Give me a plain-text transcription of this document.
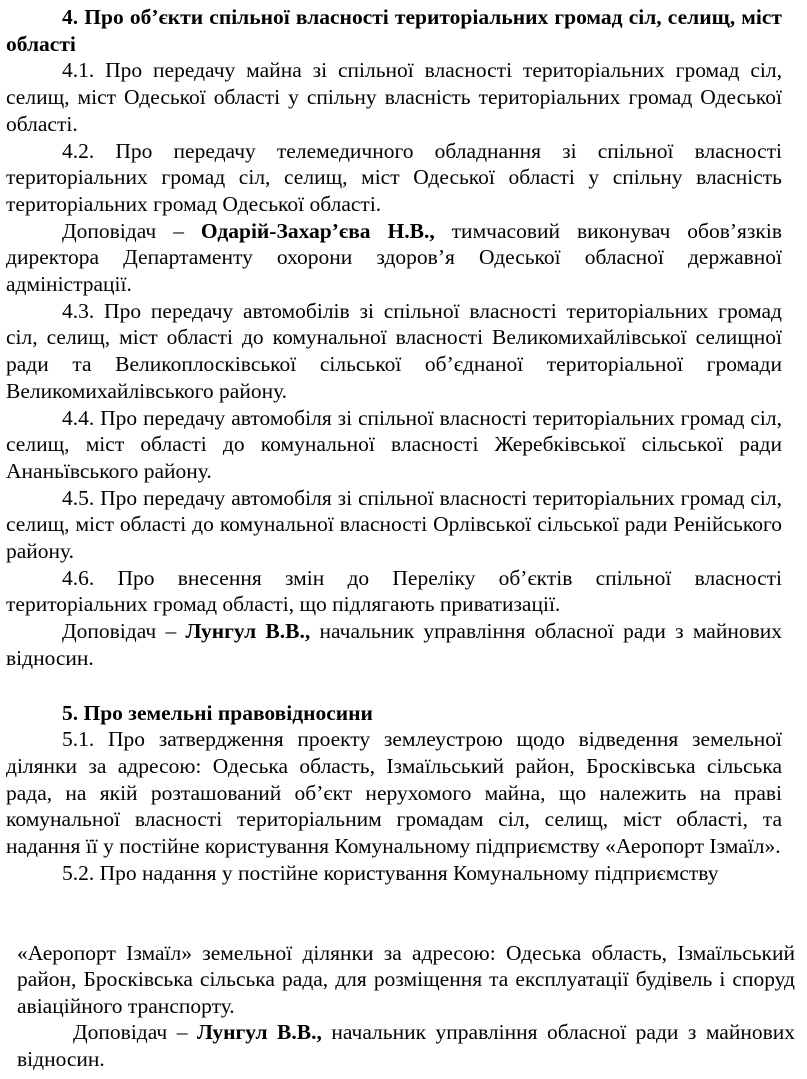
4. Про об’єкти спільної власності територіальних громад сіл, селищ, міст області

4.1. Про передачу майна зі спільної власності територіальних громад сіл, селищ, міст Одеської області у спільну власність територіальних громад Одеської області.

4.2. Про передачу телемедичного обладнання зі спільної власності територіальних громад сіл, селищ, міст Одеської області у спільну власність територіальних громад Одеської області.

Доповідач – Одарій-Захар’єва Н.В., тимчасовий виконувач обов’язків директора Департаменту охорони здоров’я Одеської обласної державної адміністрації.

4.3. Про передачу автомобілів зі спільної власності територіальних громад сіл, селищ, міст області до комунальної власності Великомихайлівської селищної ради та Великоплосківської сільської об’єднаної територіальної громади Великомихайлівського району.

4.4. Про передачу автомобіля зі спільної власності територіальних громад сіл, селищ, міст області до комунальної власності Жеребківської сільської ради Ананьївського району.

4.5. Про передачу автомобіля зі спільної власності територіальних громад сіл, селищ, міст області до комунальної власності Орлівської сільської ради Ренійського району.

4.6. Про внесення змін до Переліку об’єктів спільної власності територіальних громад області, що підлягають приватизації.

Доповідач – Лунгул В.В., начальник управління обласної ради з майнових відносин.

5. Про земельні правовідносини

5.1. Про затвердження проекту землеустрою щодо відведення земельної ділянки за адресою: Одеська область, Ізмаїльський район, Бросківська сільська рада, на якій розташований об’єкт нерухомого майна, що належить на праві комунальної власності територіальним громадам сіл, селищ, міст області, та надання її у постійне користування Комунальному підприємству «Аеропорт Ізмаїл».

5.2. Про надання у постійне користування Комунальному підприємству

«Аеропорт Ізмаїл» земельної ділянки за адресою: Одеська область, Ізмаїльський район, Бросківська сільська рада, для розміщення та експлуатації будівель і споруд авіаційного транспорту.

Доповідач – Лунгул В.В., начальник управління обласної ради з майнових відносин.
